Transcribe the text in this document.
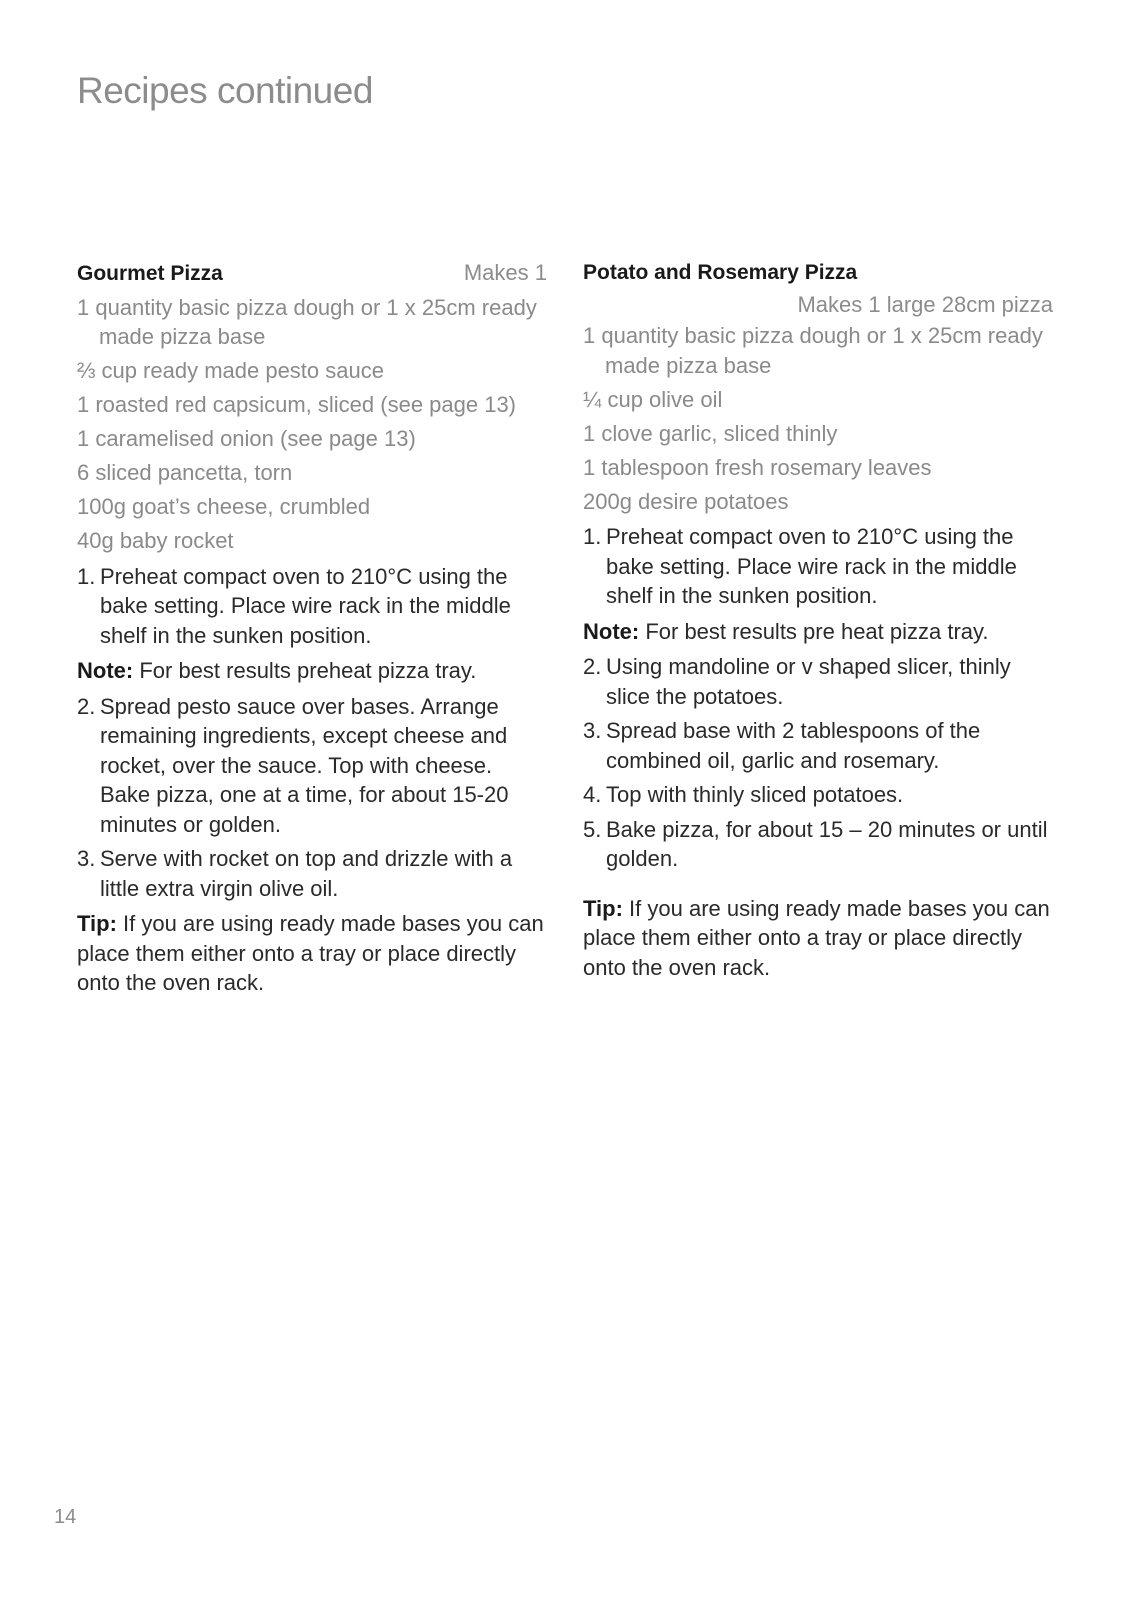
Recipes continued
Gourmet Pizza	Makes 1
1 quantity basic pizza dough or 1 x 25cm ready made pizza base
⅔ cup ready made pesto sauce
1 roasted red capsicum, sliced (see page 13)
1 caramelised onion (see page 13)
6 sliced pancetta, torn
100g goat’s cheese, crumbled
40g baby rocket
1. Preheat compact oven to 210°C using the bake setting. Place wire rack in the middle shelf in the sunken position.

Note: For best results preheat pizza tray.

2. Spread pesto sauce over bases. Arrange remaining ingredients, except cheese and rocket, over the sauce. Top with cheese. Bake pizza, one at a time, for about 15-20 minutes or golden.
3. Serve with rocket on top and drizzle with a little extra virgin olive oil.

Tip: If you are using ready made bases you can place them either onto a tray or place directly onto the oven rack.

Potato and Rosemary Pizza
Makes 1 large 28cm pizza
1 quantity basic pizza dough or 1 x 25cm ready made pizza base
¼ cup olive oil
1 clove garlic, sliced thinly
1 tablespoon fresh rosemary leaves
200g desire potatoes
1. Preheat compact oven to 210°C using the bake setting. Place wire rack in the middle shelf in the sunken position.

Note: For best results pre heat pizza tray.

2. Using mandoline or v shaped slicer, thinly slice the potatoes.
3. Spread base with 2 tablespoons of the combined oil, garlic and rosemary.
4. Top with thinly sliced potatoes.
5. Bake pizza, for about 15 – 20 minutes or until golden.

Tip: If you are using ready made bases you can place them either onto a tray or place directly onto the oven rack.

14
